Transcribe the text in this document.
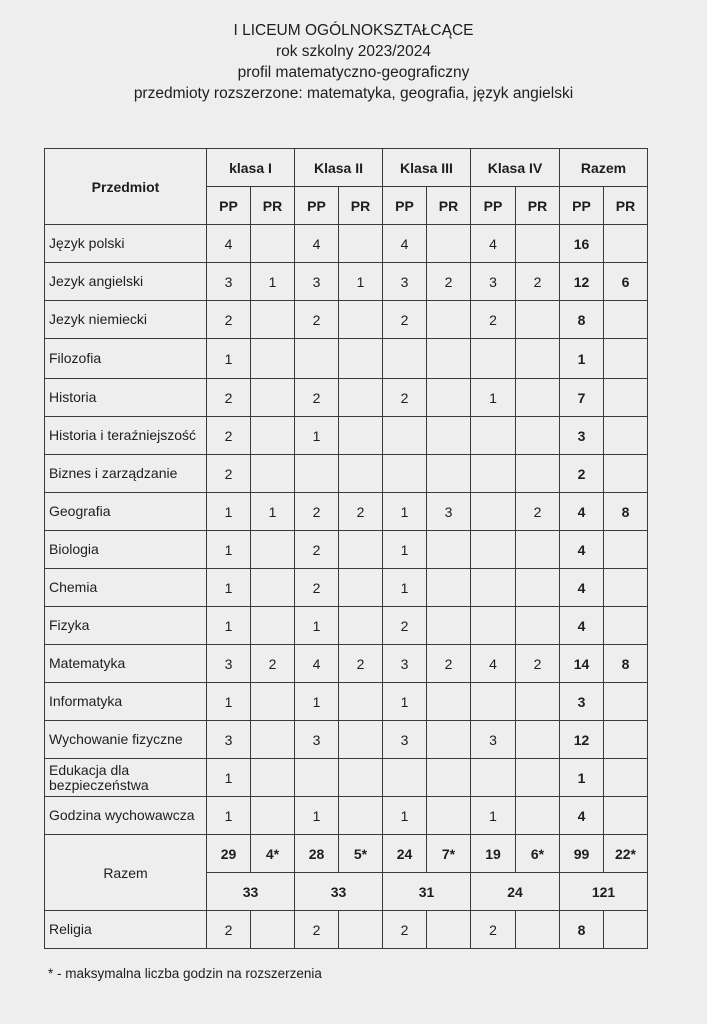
I LICEUM OGÓLNOKSZTAŁCĄCE
rok szkolny 2023/2024
profil matematyczno-geograficzny
przedmioty rozszerzone: matematyka, geografia, język angielski
Przedmiot	klasa I		Klasa II		Klasa III		Klasa IV		Razem	
	PP	PR	PP	PR	PP	PR	PP	PR	PP	PR
Język polski	4		4		4		4		16	
Jezyk angielski	3	1	3	1	3	2	3	2	12	6
Jezyk niemiecki	2		2		2		2		8	
Filozofia	1								1	
Historia	2		2		2		1		7	
Historia i teraźniejszość	2		1						3	
Biznes i zarządzanie	2								2	
Geografia	1	1	2	2	1	3		2	4	8
Biologia	1		2		1				4	
Chemia	1		2		1				4	
Fizyka	1		1		2				4	
Matematyka	3	2	4	2	3	2	4	2	14	8
Informatyka	1		1		1				3	
Wychowanie fizyczne	3		3		3		3		12	
Edukacja dla bezpieczeństwa	1								1	
Godzina wychowawcza	1		1		1		1		4	
Razem	29	4*	28	5*	24	7*	19	6*	99	22*
	33		33		31		24		121	
Religia	2		2		2		2		8	
* - maksymalna liczba godzin na rozszerzenia
